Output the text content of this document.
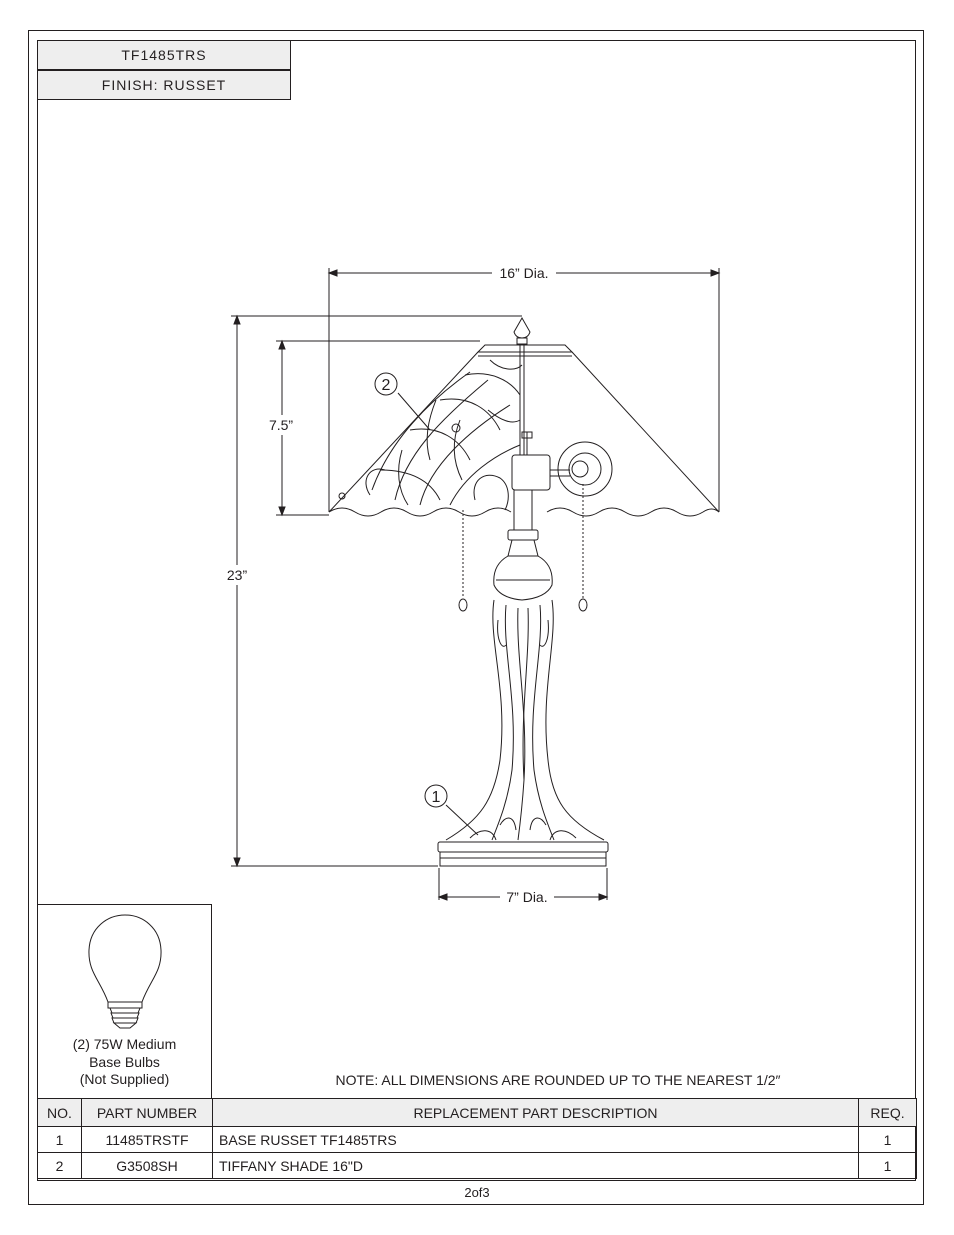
TF1485TRS
FINISH: RUSSET
16” Dia.
23”
7.5”
7” Dia.
2
1
(2) 75W Medium
Base Bulbs
(Not Supplied)	NOTE: ALL DIMENSIONS ARE ROUNDED UP TO THE NEAREST 1/2″
NO.	PART NUMBER	REPLACEMENT PART DESCRIPTION	REQ.
1	11485TRSTF	BASE RUSSET TF1485TRS	1
2	G3508SH	TIFFANY SHADE 16"D	1
2of3
